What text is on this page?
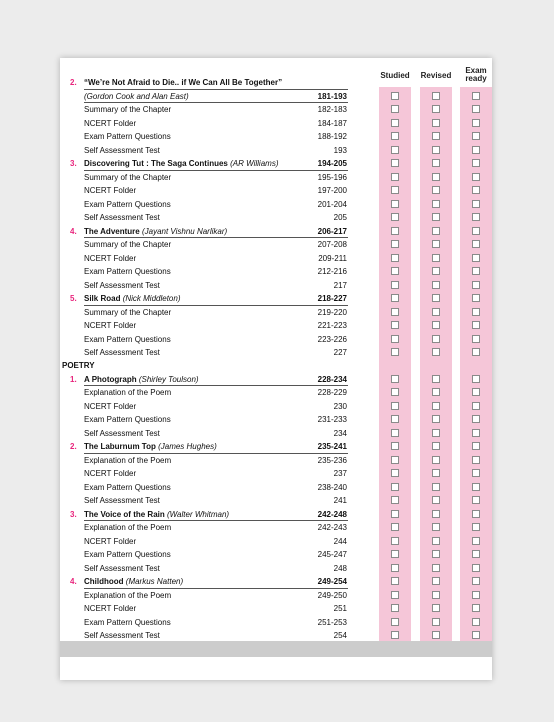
Studied	Revised
Exam
ready
2. “We’re Not Afraid to Die.. if We Can All Be Together”
(Gordon Cook and Alan East)	181-193
Summary of the Chapter	182-183
NCERT Folder	184-187
Exam Pattern Questions	188-192
Self Assessment Test	193
3. Discovering Tut : The Saga Continues (AR Williams)	194-205
Summary of the Chapter	195-196
NCERT Folder	197-200
Exam Pattern Questions	201-204
Self Assessment Test	205
4. The Adventure (Jayant Vishnu Narlikar)	206-217
Summary of the Chapter	207-208
NCERT Folder	209-211
Exam Pattern Questions	212-216
Self Assessment Test	217
5. Silk Road (Nick Middleton)	218-227
Summary of the Chapter	219-220
NCERT Folder	221-223
Exam Pattern Questions	223-226
Self Assessment Test	227
POETRY
1. A Photograph (Shirley Toulson)	228-234
Explanation of the Poem	228-229
NCERT Folder	230
Exam Pattern Questions	231-233
Self Assessment Test	234
2. The Laburnum Top (James Hughes)	235-241
Explanation of the Poem	235-236
NCERT Folder	237
Exam Pattern Questions	238-240
Self Assessment Test	241
3. The Voice of the Rain (Walter Whitman)	242-248
Explanation of the Poem	242-243
NCERT Folder	244
Exam Pattern Questions	245-247
Self Assessment Test	248
4. Childhood (Markus Natten)	249-254
Explanation of the Poem	249-250
NCERT Folder	251
Exam Pattern Questions	251-253
Self Assessment Test	254
